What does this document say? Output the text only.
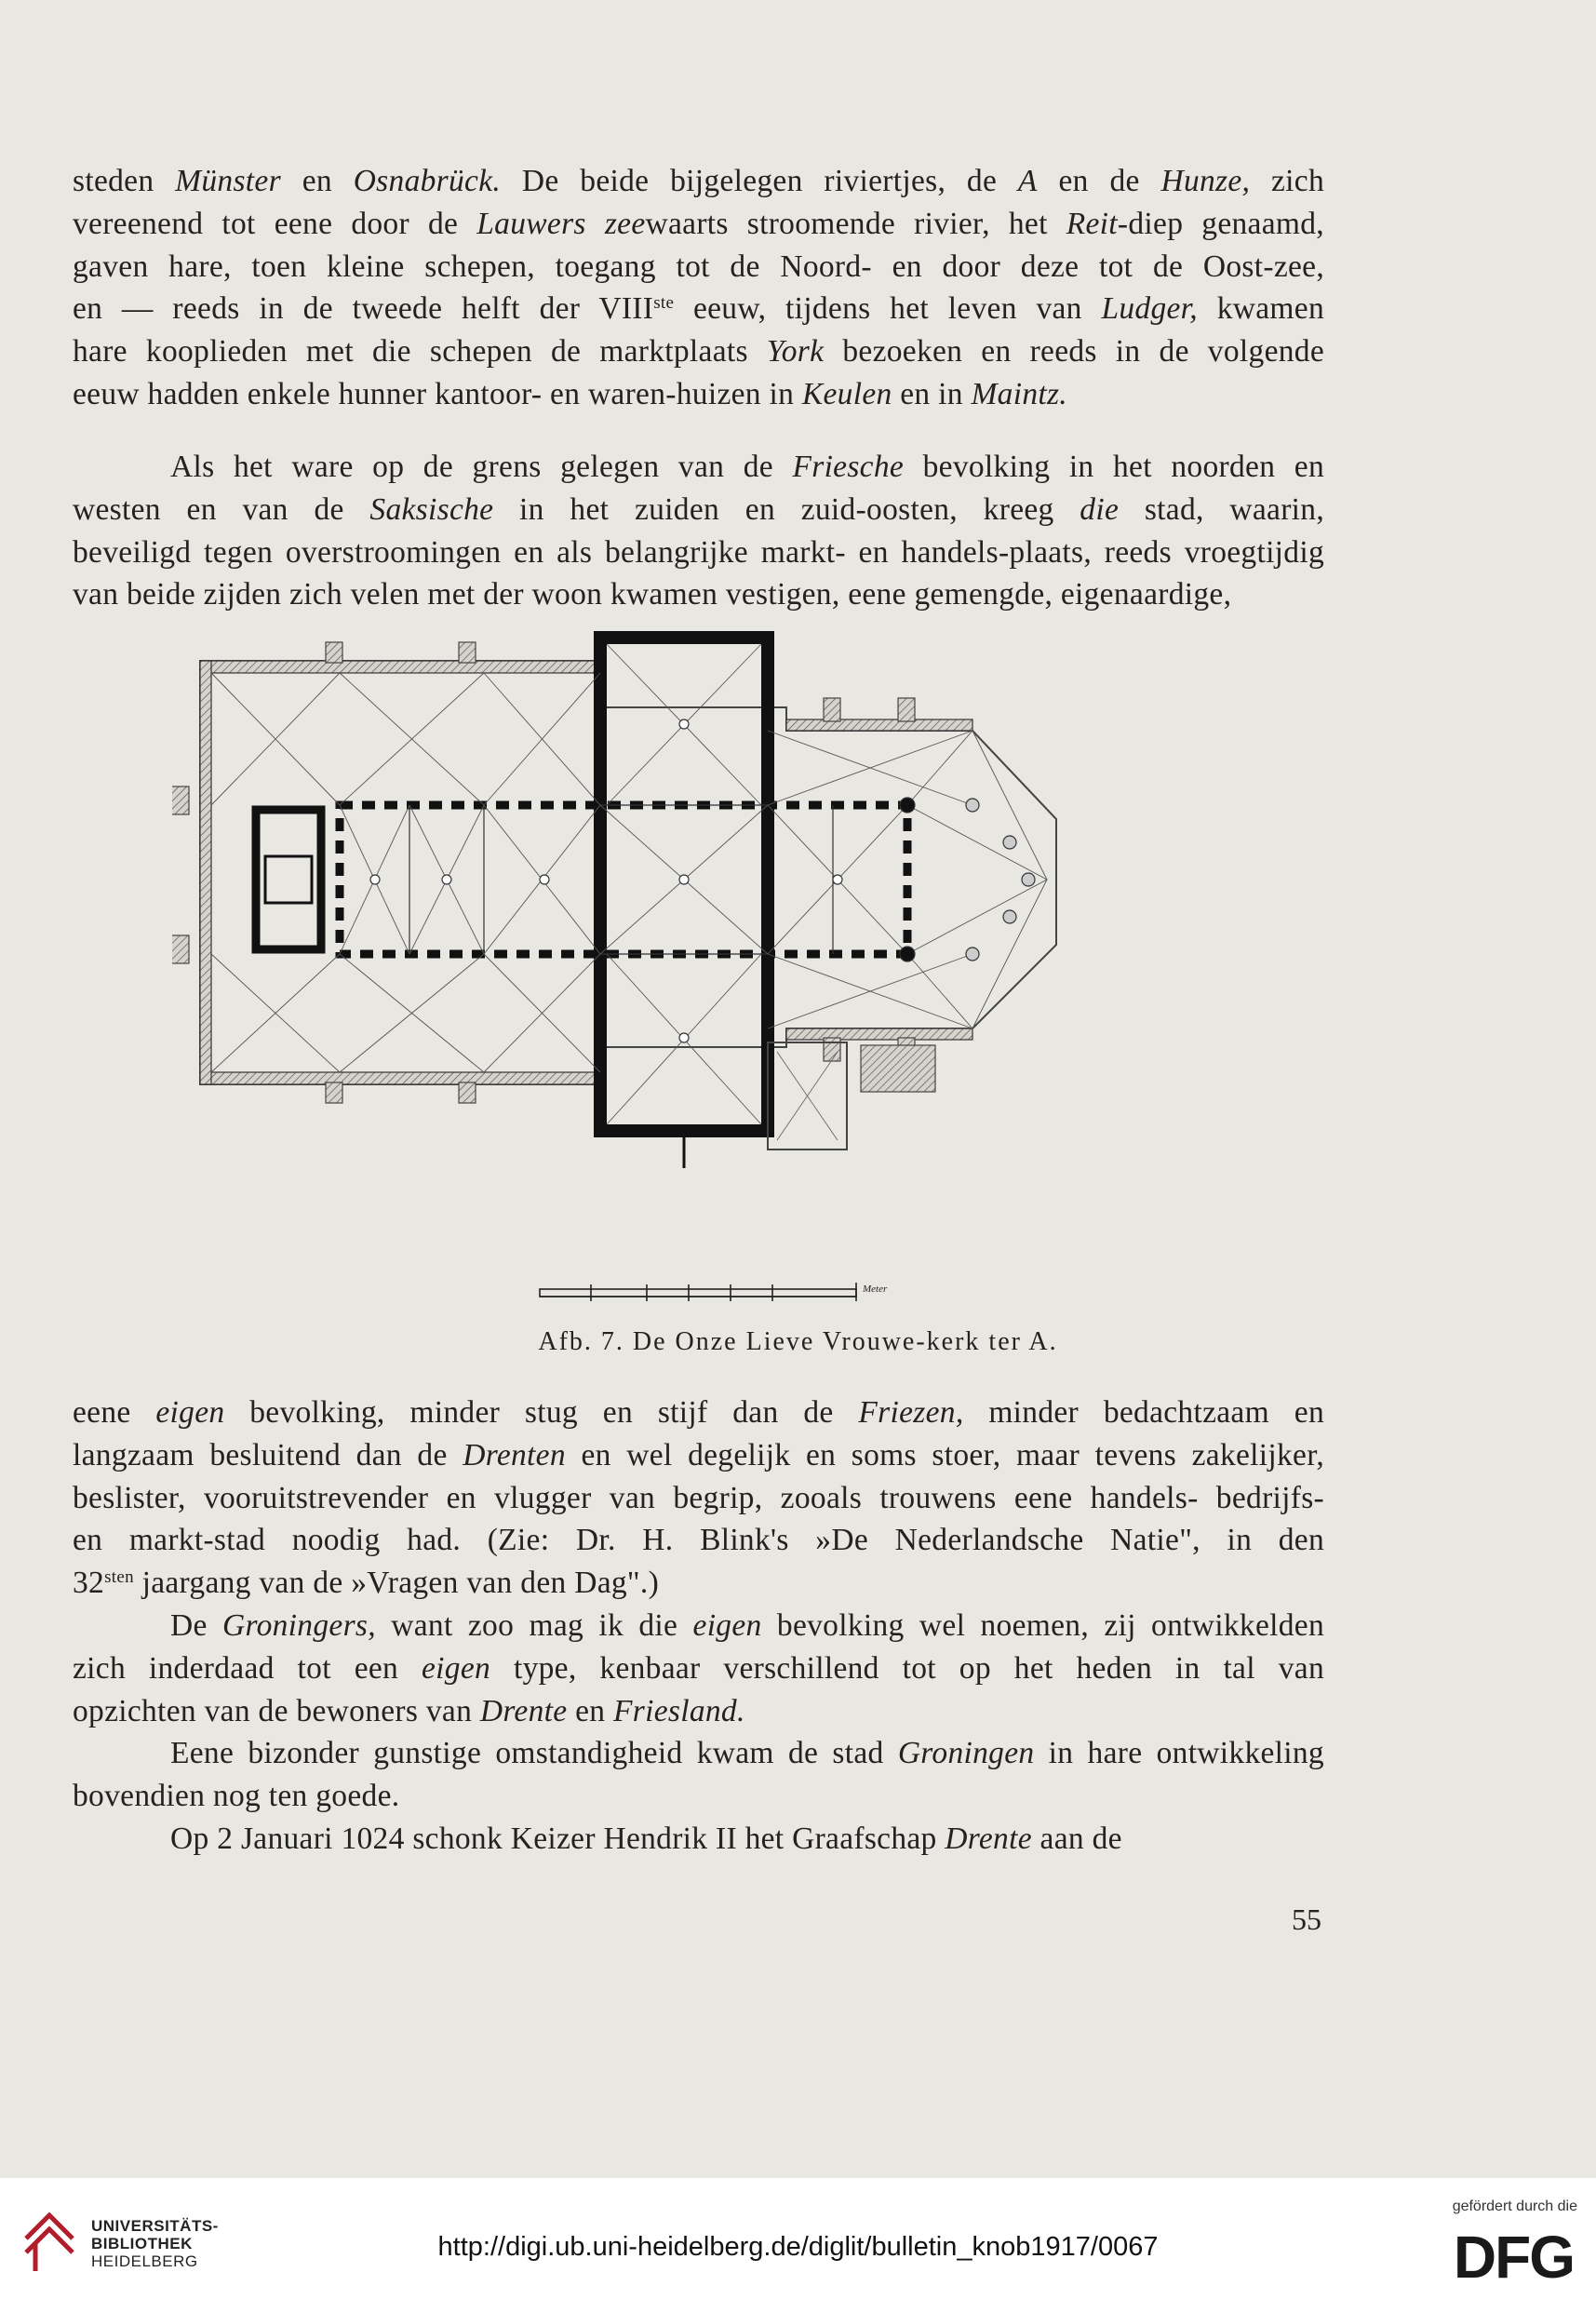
steden Münster en Osnabrück. De beide bijgelegen riviertjes, de A en de Hunze, zich
vereenend tot eene door de Lauwers zeewaarts stroomende rivier, het Reit-diep genaamd,
gaven hare, toen kleine schepen, toegang tot de Noord- en door deze tot de Oost-zee,
en — reeds in de tweede helft der VIIIste eeuw, tijdens het leven van Ludger, kwamen
hare kooplieden met die schepen de marktplaats York bezoeken en reeds in de volgende
eeuw hadden enkele hunner kantoor- en waren-huizen in Keulen en in Maintz.
Als het ware op de grens gelegen van de Friesche bevolking in het noorden en
westen en van de Saksische in het zuiden en zuid-oosten, kreeg die stad, waarin,
beveiligd tegen overstroomingen en als belangrijke markt- en handels-plaats, reeds vroegtijdig
van beide zijden zich velen met der woon kwamen vestigen, eene gemengde, eigenaardige,
Meter
Afb. 7. De Onze Lieve Vrouwe-kerk ter A.
eene eigen bevolking, minder stug en stijf dan de Friezen, minder bedachtzaam en
langzaam besluitend dan de Drenten en wel degelijk en soms stoer, maar tevens zakelijker,
beslister, vooruitstrevender en vlugger van begrip, zooals trouwens eene handels- bedrijfs-
en markt-stad noodig had. (Zie: Dr. H. Blink's »De Nederlandsche Natie", in den
$32^{sten}$ jaargang van de »Vragen van den Dag".)
De Groningers, want zoo mag ik die eigen bevolking wel noemen, zij ontwikkelden
zich inderdaad tot een eigen type, kenbaar verschillend tot op het heden in tal van
opzichten van de bewoners van Drente en Friesland.
Eene bizonder gunstige omstandigheid kwam de stad Groningen in hare ontwikkeling
bovendien nog ten goede.
Op 2 Januari 1024 schonk Keizer Hendrik II het Graafschap Drente aan de
55
UNIVERSITÄTS-
BIBLIOTHEK
HEIDELBERG	http://digi.ub.uni-heidelberg.de/diglit/bulletin_knob1917/0067
gefördert durch die
DFG
